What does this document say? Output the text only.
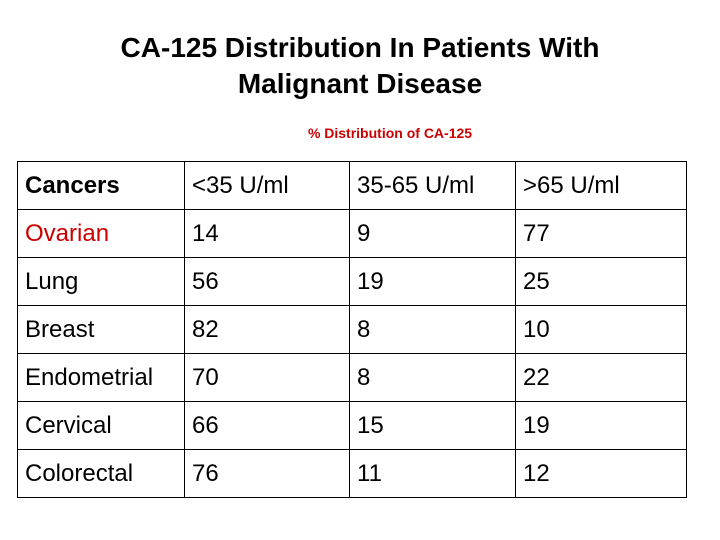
CA-125 Distribution In Patients With
Malignant Disease
% Distribution of CA-125
Cancers	<35 U/ml	35-65 U/ml	>65 U/ml
Ovarian	14	9	77
Lung	56	19	25
Breast	82	8	10
Endometrial	70	8	22
Cervical	66	15	19
Colorectal	76	11	12
